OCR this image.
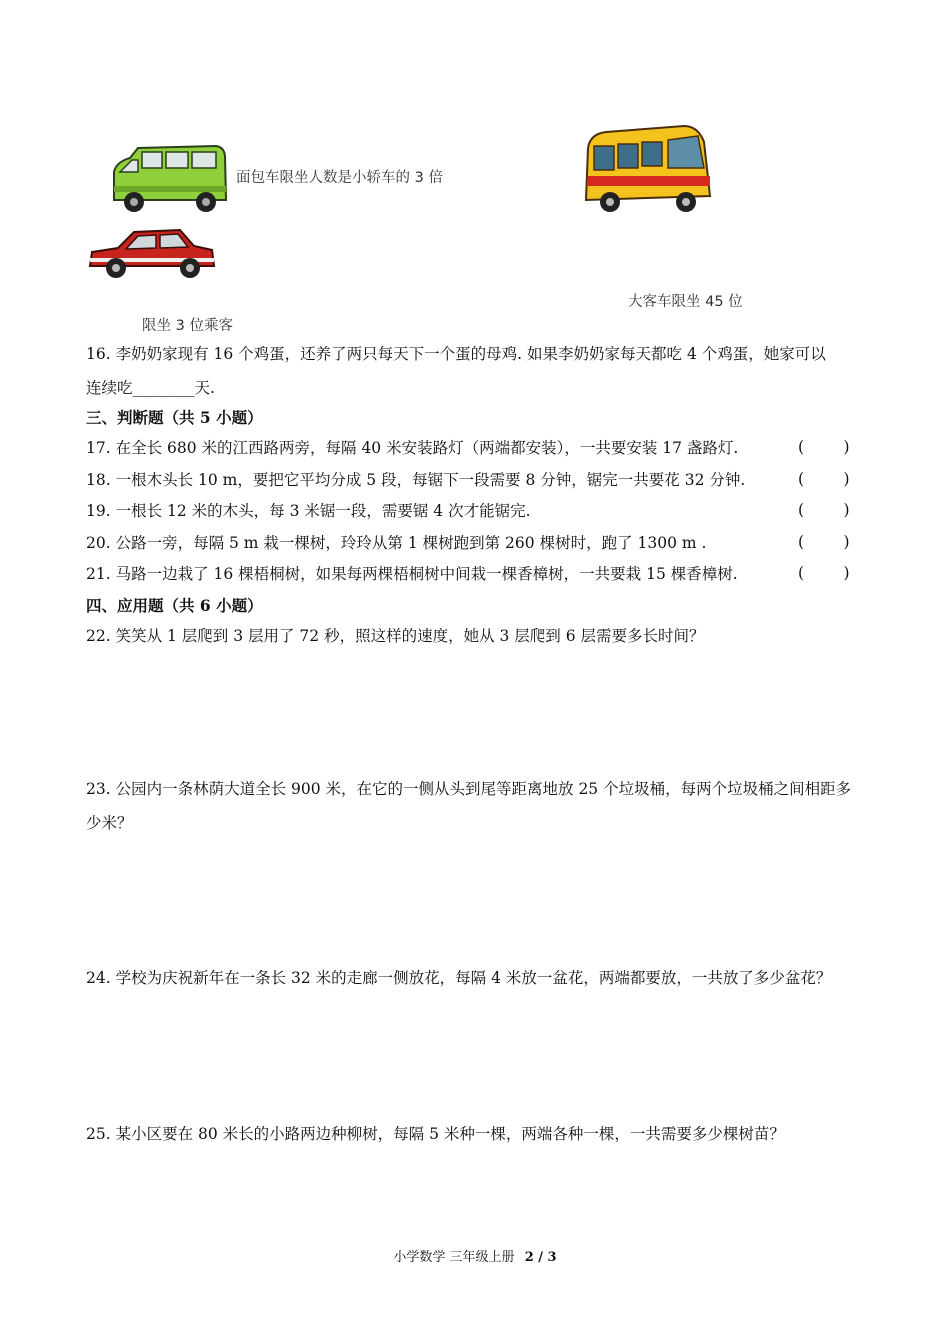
面包车限坐人数是小轿车的 3 倍
限坐 3 位乘客
大客车限坐 45 位
16. 李奶奶家现有 16 个鸡蛋，还养了两只每天下一个蛋的母鸡. 如果李奶奶家每天都吃 4 个鸡蛋，她家可以
连续吃________天.
三、判断题（共 5 小题）
17. 在全长 680 米的江西路两旁，每隔 40 米安装路灯（两端都安装），一共要安装 17 盏路灯.	(        )
18. 一根木头长 10 m，要把它平均分成 5 段，每锯下一段需要 8 分钟，锯完一共要花 32 分钟.	(        )
19. 一根长 12 米的木头，每 3 米锯一段，需要锯 4 次才能锯完.	(        )
20. 公路一旁，每隔 5 m 栽一棵树，玲玲从第 1 棵树跑到第 260 棵树时，跑了 1300 m .	(        )
21. 马路一边栽了 16 棵梧桐树，如果每两棵梧桐树中间栽一棵香樟树，一共要栽 15 棵香樟树.	(        )
四、应用题（共 6 小题）
22. 笑笑从 1 层爬到 3 层用了 72 秒，照这样的速度，她从 3 层爬到 6 层需要多长时间？
23. 公园内一条林荫大道全长 900 米，在它的一侧从头到尾等距离地放 25 个垃圾桶，每两个垃圾桶之间相距多少米？
24. 学校为庆祝新年在一条长 32 米的走廊一侧放花，每隔 4 米放一盆花，两端都要放，一共放了多少盆花？
25. 某小区要在 80 米长的小路两边种柳树，每隔 5 米种一棵，两端各种一棵，一共需要多少棵树苗？
小学数学 三年级上册 2 / 3
